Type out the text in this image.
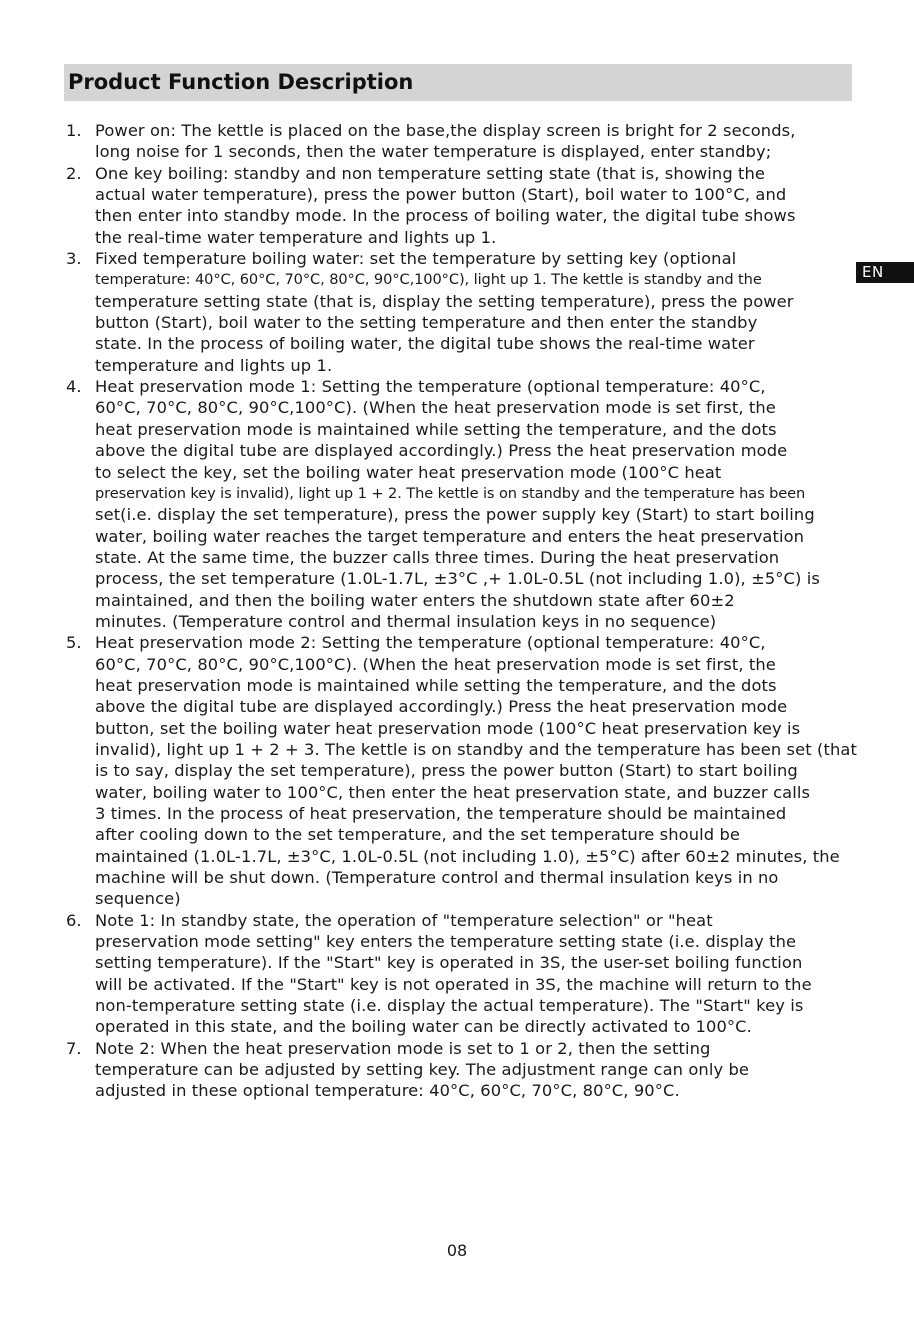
Product Function Description
EN
1. Power on: The kettle is placed on the base,the display screen is bright for 2 seconds,
long noise for 1 seconds, then the water temperature is displayed, enter standby;
2. One key boiling: standby and non temperature setting state (that is, showing the
actual water temperature), press the power button (Start), boil water to 100°C, and
then enter into standby mode. In the process of boiling water, the digital tube shows
the real-time water temperature and lights up 1.
3. Fixed temperature boiling water: set the temperature by setting key (optional
temperature: 40°C, 60°C, 70°C, 80°C, 90°C,100°C), light up 1. The kettle is standby and the
temperature setting state (that is, display the setting temperature), press the power
button (Start), boil water to the setting temperature and then enter the standby
state. In the process of boiling water, the digital tube shows the real-time water
temperature and lights up 1.
4. Heat preservation mode 1: Setting the temperature (optional temperature: 40°C,
60°C, 70°C, 80°C, 90°C,100°C). (When the heat preservation mode is set first, the
heat preservation mode is maintained while setting the temperature, and the dots
above the digital tube are displayed accordingly.) Press the heat preservation mode
to select the key, set the boiling water heat preservation mode (100°C heat
preservation key is invalid), light up 1 + 2. The kettle is on standby and the temperature has been
set(i.e. display the set temperature), press the power supply key (Start) to start boiling
water, boiling water reaches the target temperature and enters the heat preservation
state. At the same time, the buzzer calls three times. During the heat preservation
process, the set temperature (1.0L-1.7L, ±3°C ,+ 1.0L-0.5L (not including 1.0), ±5°C) is
maintained, and then the boiling water enters the shutdown state after 60±2
minutes. (Temperature control and thermal insulation keys in no sequence)
5. Heat preservation mode 2: Setting the temperature (optional temperature: 40°C,
60°C, 70°C, 80°C, 90°C,100°C). (When the heat preservation mode is set first, the
heat preservation mode is maintained while setting the temperature, and the dots
above the digital tube are displayed accordingly.) Press the heat preservation mode
button, set the boiling water heat preservation mode (100°C heat preservation key is
invalid), light up 1 + 2 + 3. The kettle is on standby and the temperature has been set (that
is to say, display the set temperature), press the power button (Start) to start boiling
water, boiling water to 100°C, then enter the heat preservation state, and buzzer calls
3 times. In the process of heat preservation, the temperature should be maintained
after cooling down to the set temperature, and the set temperature should be
maintained (1.0L-1.7L, ±3°C, 1.0L-0.5L (not including 1.0), ±5°C) after 60±2 minutes, the
machine will be shut down. (Temperature control and thermal insulation keys in no
sequence)
6. Note 1: In standby state, the operation of "temperature selection" or "heat
preservation mode setting" key enters the temperature setting state (i.e. display the
setting temperature). If the "Start" key is operated in 3S, the user-set boiling function
will be activated. If the "Start" key is not operated in 3S, the machine will return to the
non-temperature setting state (i.e. display the actual temperature). The "Start" key is
operated in this state, and the boiling water can be directly activated to 100°C.
7. Note 2: When the heat preservation mode is set to 1 or 2, then the setting
temperature can be adjusted by setting key. The adjustment range can only be
adjusted in these optional temperature: 40°C, 60°C, 70°C, 80°C, 90°C.
08
